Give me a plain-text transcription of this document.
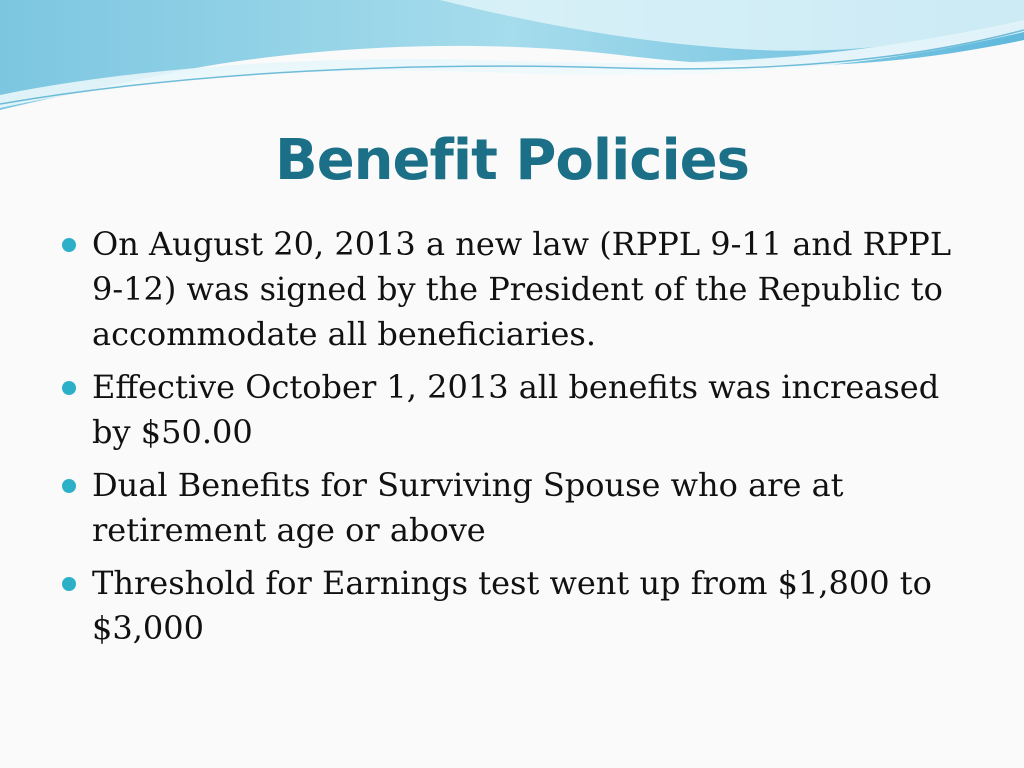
Benefit Policies
On August 20, 2013 a new law (RPPL 9-11 and RPPL 9-12) was signed by the President of the Republic to accommodate all beneficiaries.
Effective October 1, 2013 all benefits was increased by $50.00
Dual Benefits for Surviving Spouse who are at retirement age or above
Threshold for Earnings test went up from $1,800 to $3,000
